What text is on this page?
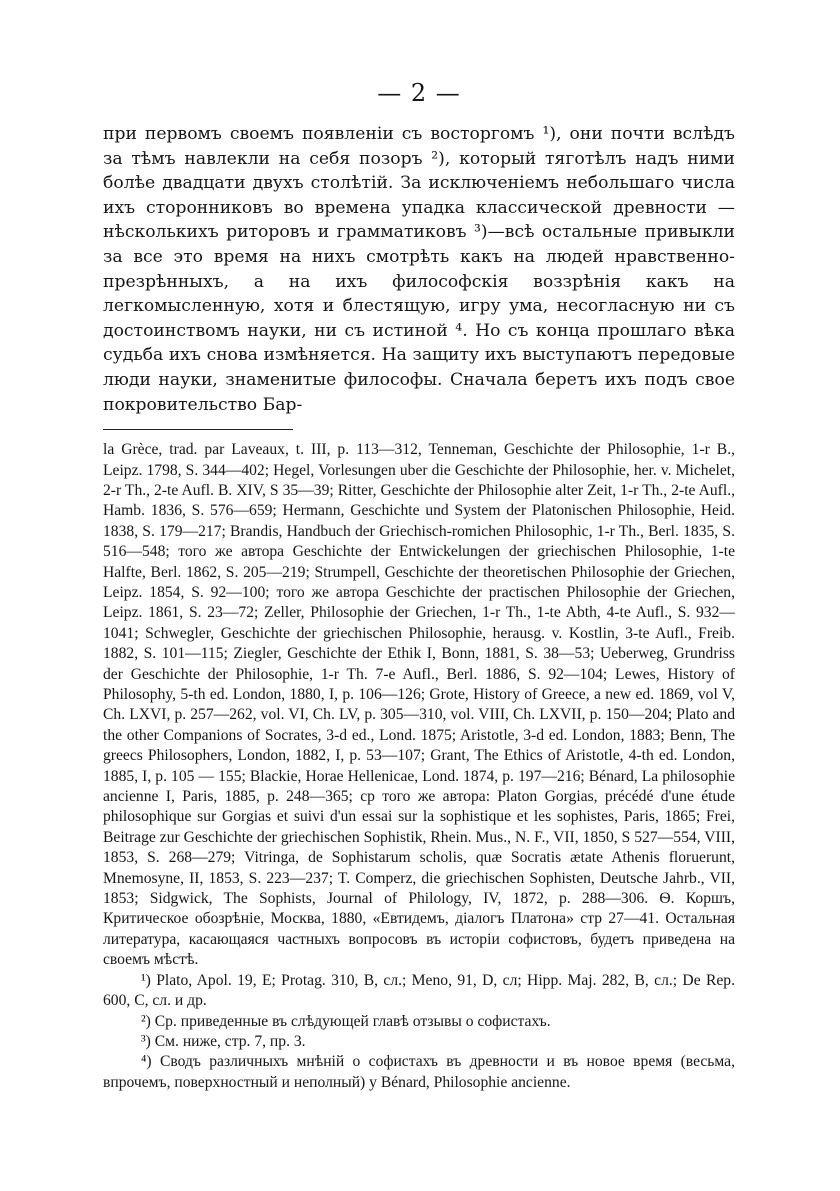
— 2 —

при первомъ своемъ появленіи съ восторгомъ ¹), они почти вслѣдъ за тѣмъ навлекли на себя позоръ ²), который тяготѣлъ надъ ними болѣе двадцати двухъ столѣтій. За исключеніемъ небольшаго числа ихъ сторонниковъ во времена упадка классической древности — нѣсколькихъ риторовъ и грамматиковъ ³)—всѣ остальные привыкли за все это время на нихъ смотрѣть какъ на людей нравственно-презрѣнныхъ, а на ихъ философскія воззрѣнія какъ на легкомысленную, хотя и блестящую, игру ума, несогласную ни съ достоинствомъ науки, ни съ истиной ⁴. Но съ конца прошлаго вѣка судьба ихъ снова измѣняется. На защиту ихъ выступаютъ передовые люди науки, знаменитые философы. Сначала беретъ ихъ подъ свое покровительство Бар-

la Grèce, trad. par Laveaux, t. III, p. 113—312, Tenneman, Geschichte der Philosophie, 1-r B., Leipz. 1798, S. 344—402; Hegel, Vorlesungen uber die Geschichte der Philosophie, her. v. Michelet, 2-r Th., 2-te Aufl. B. XIV, S 35—39; Ritter, Geschichte der Philosophie alter Zeit, 1-r Th., 2-te Aufl., Hamb. 1836, S. 576—659; Hermann, Geschichte und System der Platonischen Philosophie, Heid. 1838, S. 179—217; Brandis, Handbuch der Griechisch-romichen Philosophic, 1-r Th., Berl. 1835, S. 516—548; того же автора Geschichte der Entwickelungen der griechischen Philosophie, 1-te Halfte, Berl. 1862, S. 205—219; Strumpell, Geschichte der theoretischen Philosophie der Griechen, Leipz. 1854, S. 92—100; того же автора Geschichte der practischen Philosophie der Griechen, Leipz. 1861, S. 23—72; Zeller, Philosophie der Griechen, 1-r Th., 1-te Abth, 4-te Aufl., S. 932—1041; Schwegler, Geschichte der griechischen Philosophie, herausg. v. Kostlin, 3-te Aufl., Freib. 1882, S. 101—115; Ziegler, Geschichte der Ethik I, Bonn, 1881, S. 38—53; Ueberweg, Grundriss der Geschichte der Philosophie, 1-r Th. 7-e Aufl., Berl. 1886, S. 92—104; Lewes, History of Philosophy, 5-th ed. London, 1880, I, p. 106—126; Grote, History of Greece, a new ed. 1869, vol V, Ch. LXVI, p. 257—262, vol. VI, Ch. LV, p. 305—310, vol. VIII, Ch. LXVII, p. 150—204; Plato and the other Companions of Socrates, 3-d ed., Lond. 1875; Aristotle, 3-d ed. London, 1883; Benn, The greecs Philosophers, London, 1882, I, p. 53—107; Grant, The Ethics of Aristotle, 4-th ed. London, 1885, I, p. 105 — 155; Blackie, Horae Hellenicae, Lond. 1874, p. 197—216; Bénard, La philosophie ancienne I, Paris, 1885, p. 248—365; ср того же автора: Platon Gorgias, précédé d'une étude philosophique sur Gorgias et suivi d'un essai sur la sophistique et les sophistes, Paris, 1865; Frei, Beitrage zur Geschichte der griechischen Sophistik, Rhein. Mus., N. F., VII, 1850, S 527—554, VIII, 1853, S. 268—279; Vitringa, de Sophistarum scholis, quæ Socratis ætate Athenis floruerunt, Mnemosyne, II, 1853, S. 223—237; T. Comperz, die griechischen Sophisten, Deutsche Jahrb., VII, 1853; Sidgwick, The Sophists, Journal of Philology, IV, 1872, p. 288—306. Ѳ. Коршъ, Критическое обозрѣніе, Москва, 1880, «Евтидемъ, діалогъ Платона» стр 27—41. Остальная литература, касающаяся частныхъ вопросовъ въ исторіи софистовъ, будетъ приведена на своемъ мѣстѣ.

¹) Plato, Apol. 19, E; Protag. 310, B, сл.; Meno, 91, D, сл; Hipp. Maj. 282, B, сл.; De Rep. 600, C, сл. и др.

²) Ср. приведенные въ слѣдующей главѣ отзывы о софистахъ.

³) См. ниже, стр. 7, пр. 3.

⁴) Сводъ различныхъ мнѣній о софистахъ въ древности и въ новое время (весьма, впрочемъ, поверхностный и неполный) у Bénard, Philosophie ancienne.
